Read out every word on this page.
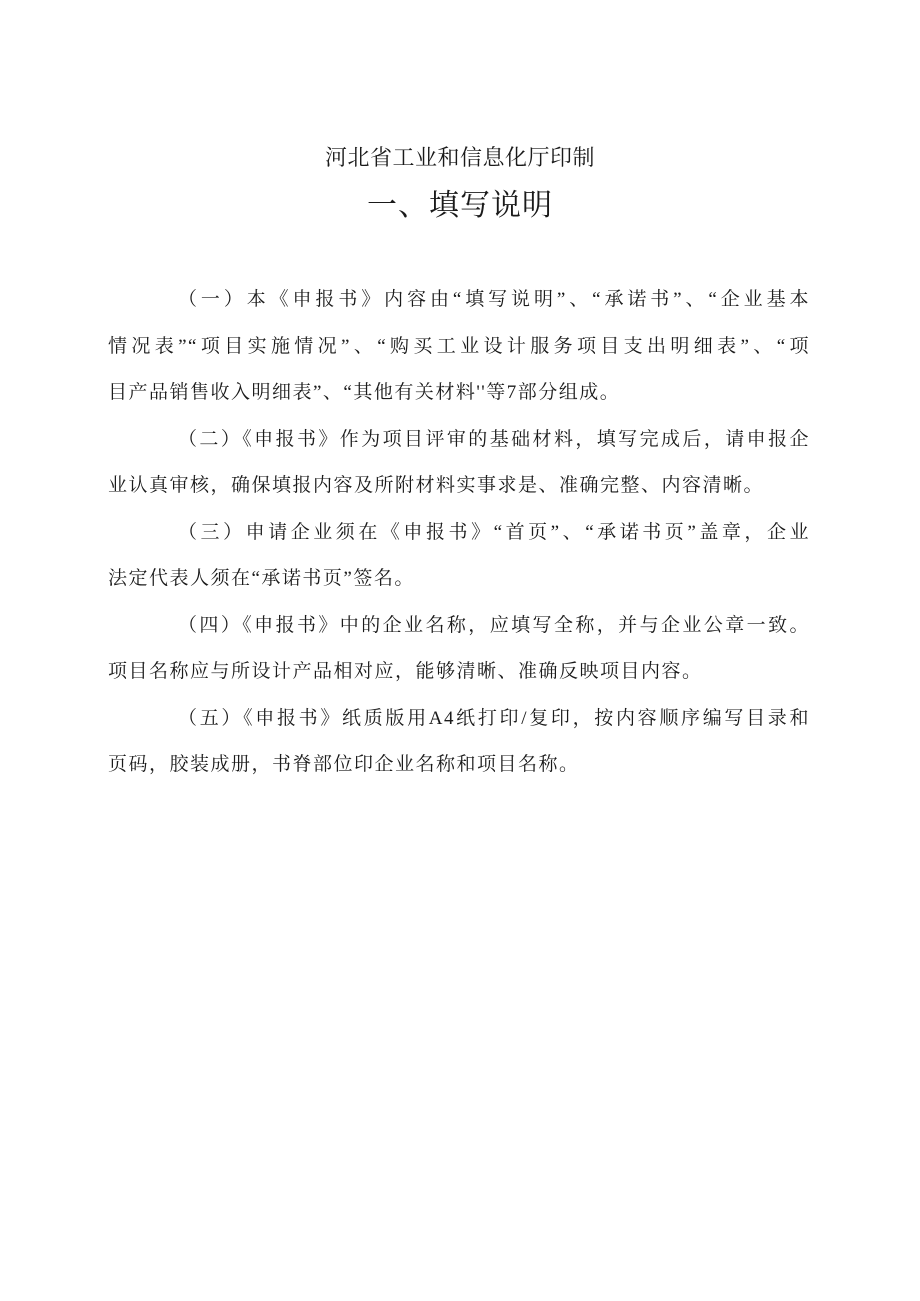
河北省工业和信息化厅印制
一、填写说明
（一）本《申报书》内容由“填写说明”、“承诺书”、“企业基本
情况表”“项目实施情况”、“购买工业设计服务项目支出明细表”、“项
目产品销售收入明细表”、“其他有关材料''等7部分组成。
（二）《申报书》作为项目评审的基础材料，填写完成后，请申报企
业认真审核，确保填报内容及所附材料实事求是、准确完整、内容清晰。
（三）申请企业须在《申报书》“首页”、“承诺书页”盖章，企业
法定代表人须在“承诺书页”签名。
（四）《申报书》中的企业名称，应填写全称，并与企业公章一致。
项目名称应与所设计产品相对应，能够清晰、准确反映项目内容。
（五）《申报书》纸质版用A4纸打印/复印，按内容顺序编写目录和
页码，胶装成册，书脊部位印企业名称和项目名称。
